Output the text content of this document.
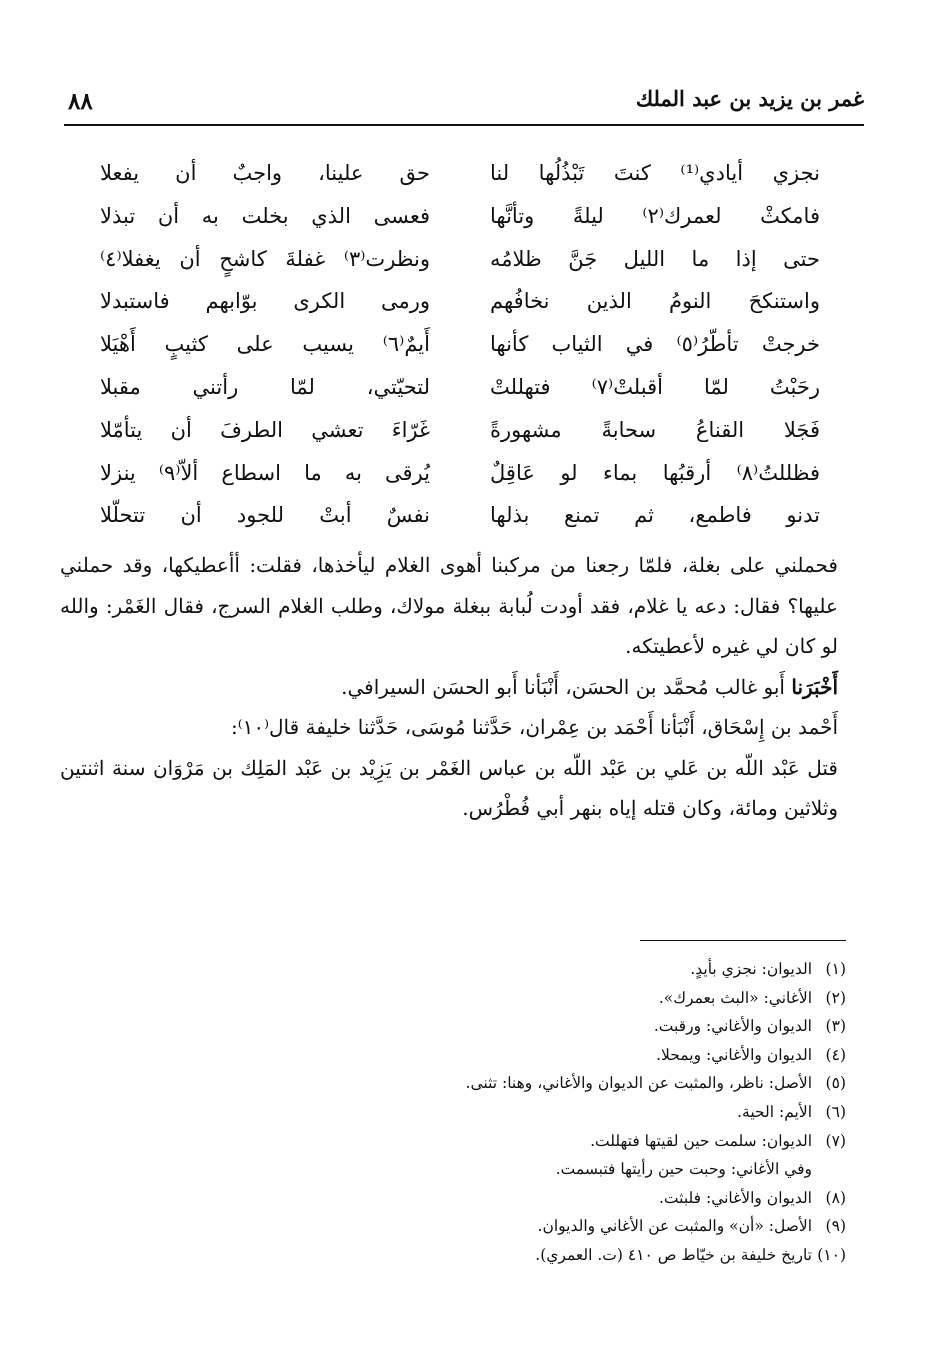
غمر بن يزيد بن عبد الملك
٨٨
نجزي أيادي⁽¹⁾ كنتَ تَبْذُلُها لنا
حق علينا، واجبٌ أن يفعلا
فامكثْ لعمرك⁽٢⁾ ليلةً وتأنَّها
فعسى الذي بخلت به أن تبذلا
حتى إذا ما الليل جَنَّ ظلامُه
ونظرت⁽٣⁾ غفلةَ كاشحٍ أن يغفلا⁽٤⁾
واستنكحَ النومُ الذين نخافُهم
ورمى الكرى بوّابهم فاستبدلا
خرجتْ تأطّرُ⁽٥⁾ في الثياب كأنها
أَيمٌ⁽٦⁾ يسيب على كثيبٍ أَهْيَلا
رحَبْتُ لمّا أقبلتْ⁽٧⁾ فتهللتْ
لتحيّتي، لمّا رأتني مقبلا
فَجَلا القناعُ سحابةً مشهورةً
غَرّاءَ تعشي الطرفَ أن يتأمّلا
فظللتُ⁽٨⁾ أرقبُها بماء لو عَاقِلٌ
يُرقى به ما اسطاع ألاّ⁽٩⁾ ينزلا
تدنو فاطمع، ثم تمنع بذلها
نفسٌ أبتْ للجود أن تتحلّلا

فحملني على بغلة، فلمّا رجعنا من مركبنا أهوى الغلام ليأخذها، فقلت: أأعطيكها، وقد حملني عليها؟ فقال: دعه يا غلام، فقد أودت لُبابة ببغلة مولاك، وطلب الغلام السرج، فقال الغَمْر: والله لو كان لي غيره لأعطيتكه.

أَخْبَرَنا أَبو غالب مُحمَّد بن الحسَن، أَنْبَأنا أَبو الحسَن السيرافي.

أَحْمد بن إِسْحَاق، أَنْبَأنا أَحْمَد بن عِمْران، حَدَّثنا مُوسَى، حَدَّثنا خليفة قال⁽١٠⁾:

قتل عَبْد اللّه بن عَلي بن عَبْد اللّه بن عباس الغَمْر بن يَزِيْد بن عَبْد المَلِك بن مَرْوَان سنة اثنتين وثلاثين ومائة، وكان قتله إياه بنهر أبي فُطْرُس.

(١)الديوان: نجزي بأيدٍ.
(٢)الأغاني: «البث بعمرك».
(٣)الديوان والأغاني: ورقبت.
(٤)الديوان والأغاني: ويمحلا.
(٥)الأصل: ناظر، والمثبت عن الديوان والأغاني، وهنا: تثنى.
(٦)الأيم: الحية.
(٧)الديوان: سلمت حين لقيتها فتهللت.
وفي الأغاني: وحبت حين رأيتها فتبسمت.
(٨)الديوان والأغاني: فلبثت.
(٩)الأصل: «أن» والمثبت عن الأغاني والديوان.
(١٠)تاريخ خليفة بن خيّاط ص ٤١٠ (ت. العمري).
